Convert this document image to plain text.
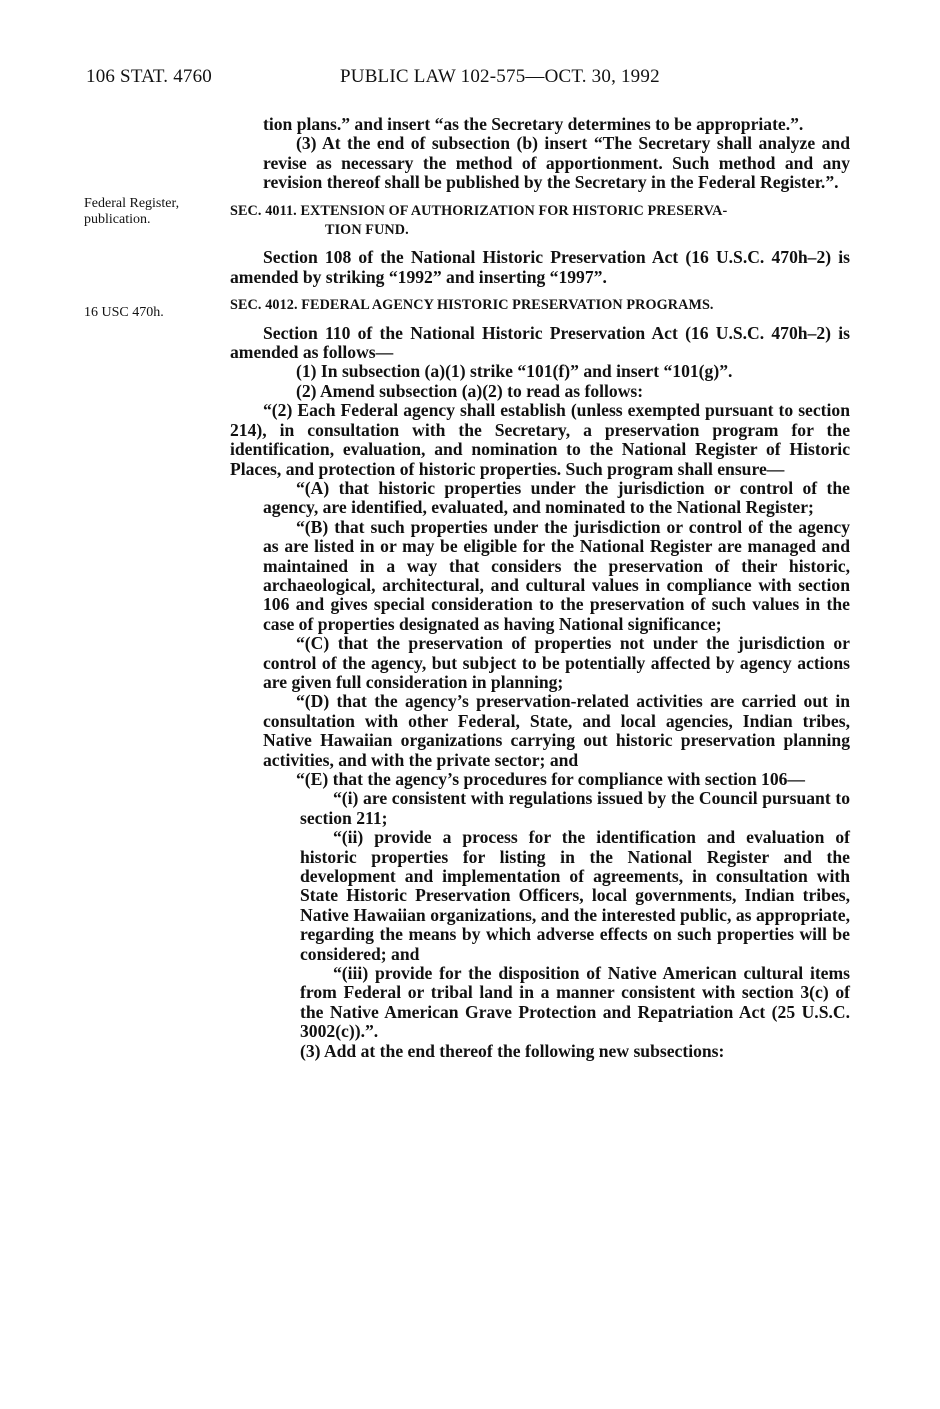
106 STAT. 4760	PUBLIC LAW 102-575—OCT. 30, 1992
Federal Register, publication.
16 USC 470h.

tion plans.” and insert “as the Secretary determines to be appropriate.”.

(3) At the end of subsection (b) insert “The Secretary shall analyze and revise as necessary the method of apportionment. Such method and any revision thereof shall be published by the Secretary in the Federal Register.”.

SEC. 4011. EXTENSION OF AUTHORIZATION FOR HISTORIC PRESERVA-
TION FUND.

Section 108 of the National Historic Preservation Act (16 U.S.C. 470h–2) is amended by striking “1992” and inserting “1997”.

SEC. 4012. FEDERAL AGENCY HISTORIC PRESERVATION PROGRAMS.

Section 110 of the National Historic Preservation Act (16 U.S.C. 470h–2) is amended as follows—

(1) In subsection (a)(1) strike “101(f)” and insert “101(g)”.

(2) Amend subsection (a)(2) to read as follows:

“(2) Each Federal agency shall establish (unless exempted pursuant to section 214), in consultation with the Secretary, a preservation program for the identification, evaluation, and nomination to the National Register of Historic Places, and protection of historic properties. Such program shall ensure—

“(A) that historic properties under the jurisdiction or control of the agency, are identified, evaluated, and nominated to the National Register;

“(B) that such properties under the jurisdiction or control of the agency as are listed in or may be eligible for the National Register are managed and maintained in a way that considers the preservation of their historic, archaeological, architectural, and cultural values in compliance with section 106 and gives special consideration to the preservation of such values in the case of properties designated as having National significance;

“(C) that the preservation of properties not under the jurisdiction or control of the agency, but subject to be potentially affected by agency actions are given full consideration in planning;

“(D) that the agency’s preservation-related activities are carried out in consultation with other Federal, State, and local agencies, Indian tribes, Native Hawaiian organizations carrying out historic preservation planning activities, and with the private sector; and

“(E) that the agency’s procedures for compliance with section 106—

“(i) are consistent with regulations issued by the Council pursuant to section 211;

“(ii) provide a process for the identification and evaluation of historic properties for listing in the National Register and the development and implementation of agreements, in consultation with State Historic Preservation Officers, local governments, Indian tribes, Native Hawaiian organizations, and the interested public, as appropriate, regarding the means by which adverse effects on such properties will be considered; and

“(iii) provide for the disposition of Native American cultural items from Federal or tribal land in a manner consistent with section 3(c) of the Native American Grave Protection and Repatriation Act (25 U.S.C. 3002(c)).”.

(3) Add at the end thereof the following new subsections:
